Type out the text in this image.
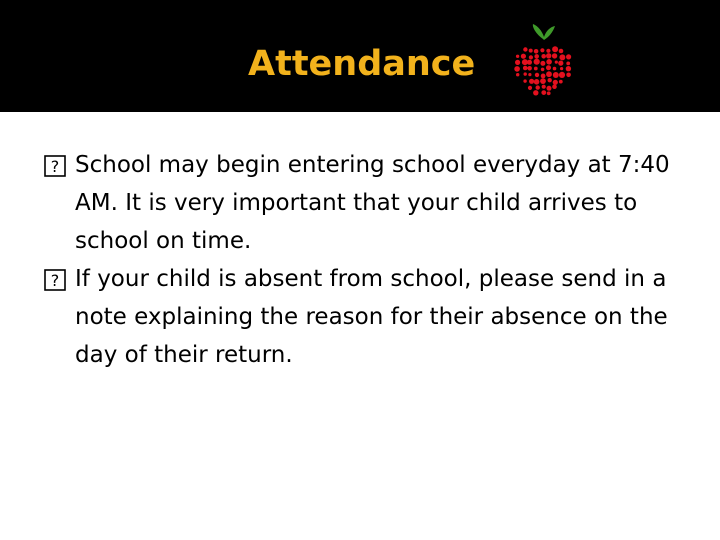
Attendance
? School may begin entering school everyday at 7:40 AM. It is very important that your child arrives to school on time.
? If your child is absent from school, please send in a note explaining the reason for their absence on the day of their return.
